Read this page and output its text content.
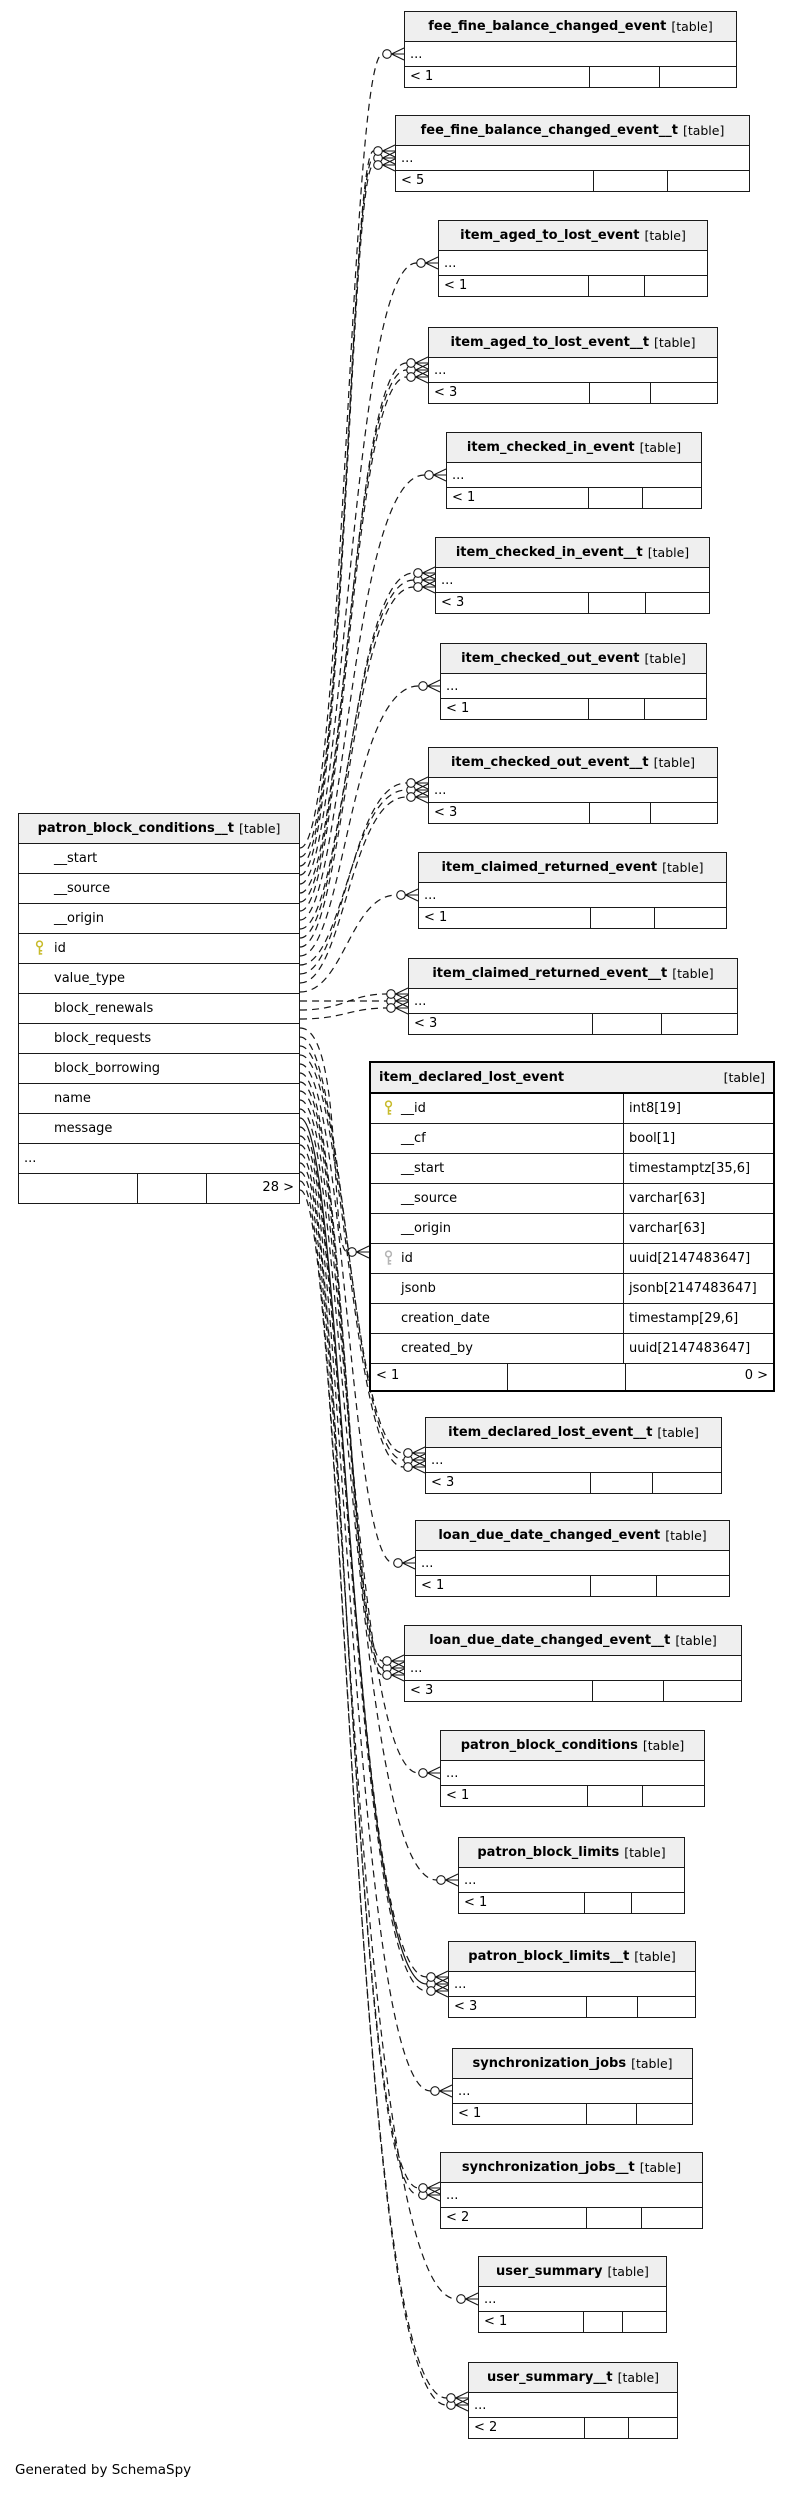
patron_block_conditions__t [table]
__start
__source
__origin
id
value_type
block_renewals
block_requests
block_borrowing
name
message
...
28 >
item_declared_lost_event	[table]
__id	int8[19]
__cf	bool[1]
__start	timestamptz[35,6]
__source	varchar[63]
__origin	varchar[63]
id	uuid[2147483647]
jsonb	jsonb[2147483647]
creation_date	timestamp[29,6]
created_by	uuid[2147483647]
< 1	0 >
fee_fine_balance_changed_event [table]
...
< 1
fee_fine_balance_changed_event__t [table]
...
< 5
item_aged_to_lost_event [table]
...
< 1
item_aged_to_lost_event__t [table]
...
< 3
item_checked_in_event [table]
...
< 1
item_checked_in_event__t [table]
...
< 3
item_checked_out_event [table]
...
< 1
item_checked_out_event__t [table]
...
< 3
item_claimed_returned_event [table]
...
< 1
item_claimed_returned_event__t [table]
...
< 3
item_declared_lost_event__t [table]
...
< 3
loan_due_date_changed_event [table]
...
< 1
loan_due_date_changed_event__t [table]
...
< 3
patron_block_conditions [table]
...
< 1
patron_block_limits [table]
...
< 1
patron_block_limits__t [table]
...
< 3
synchronization_jobs [table]
...
< 1
synchronization_jobs__t [table]
...
< 2
user_summary [table]
...
< 1
user_summary__t [table]
...
< 2
Generated by SchemaSpy
